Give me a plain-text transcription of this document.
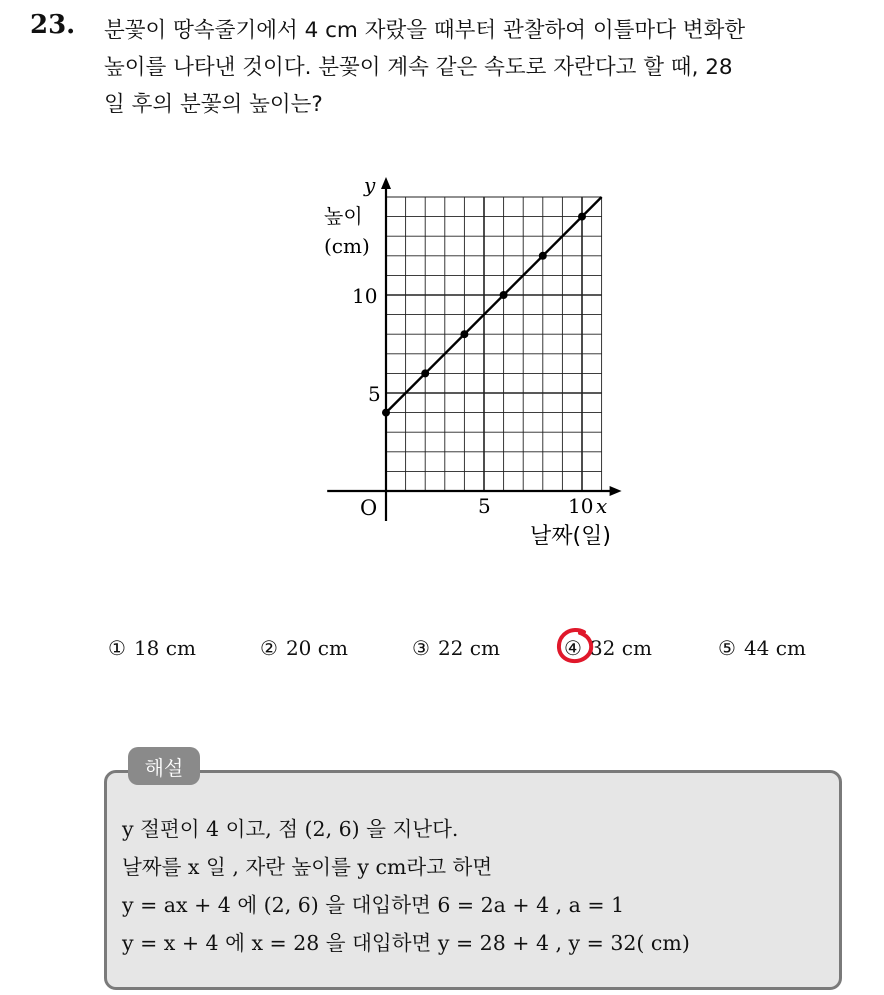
23. 분꽃이 땅속줄기에서 4 cm 자랐을 때부터 관찰하여 이틀마다 변화한
높이를 나타낸 것이다. 분꽃이 계속 같은 속도로 자란다고 할 때, 28
일 후의 분꽃의 높이는?
5	10 x
O
5
10
y
높이
(cm)
날짜(일)
① 18 cm	② 20 cm	③ 22 cm	④ 32 cm	⑤ 44 cm
해설
y 절편이 4 이고, 점 (2, 6) 을 지난다.
날짜를 x 일 , 자란 높이를 y cm라고 하면
y = ax + 4 에 (2, 6) 을 대입하면 6 = 2a + 4 , a = 1
y = x + 4 에 x = 28 을 대입하면 y = 28 + 4 , y = 32( cm)
